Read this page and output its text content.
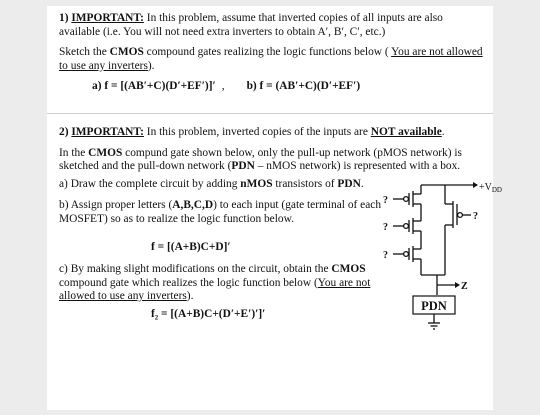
1) IMPORTANT: In this problem, assume that inverted copies of all inputs are also available (i.e. You will not need extra inverters to obtain A′, B′, C′, etc.)

Sketch the CMOS compound gates realizing the logic functions below ( You are not allowed to use any inverters).

a) f = [(AB′+C)(D′+EF′)]′ , b) f = (AB′+C)(D′+EF′)

2) IMPORTANT: In this problem, inverted copies of the inputs are NOT available.

In the CMOS compund gate shown below, only the pull-up network (pMOS network) is sketched and the pull-down network (PDN – nMOS network) is represented with a box.

a) Draw the complete circuit by adding nMOS transistors of PDN.

b) Assign proper letters (A,B,C,D) to each input (gate terminal of each MOSFET) so as to realize the logic function below.

f = [(A+B)C+D]′

c) By making slight modifications on the circuit, obtain the CMOS compound gate which realizes the logic function below (You are not allowed to use any inverters).

f₂ = [(A+B)C+(D′+E′)′]′
$+V_{DD}$
?
?
?
?
Z
PDN
